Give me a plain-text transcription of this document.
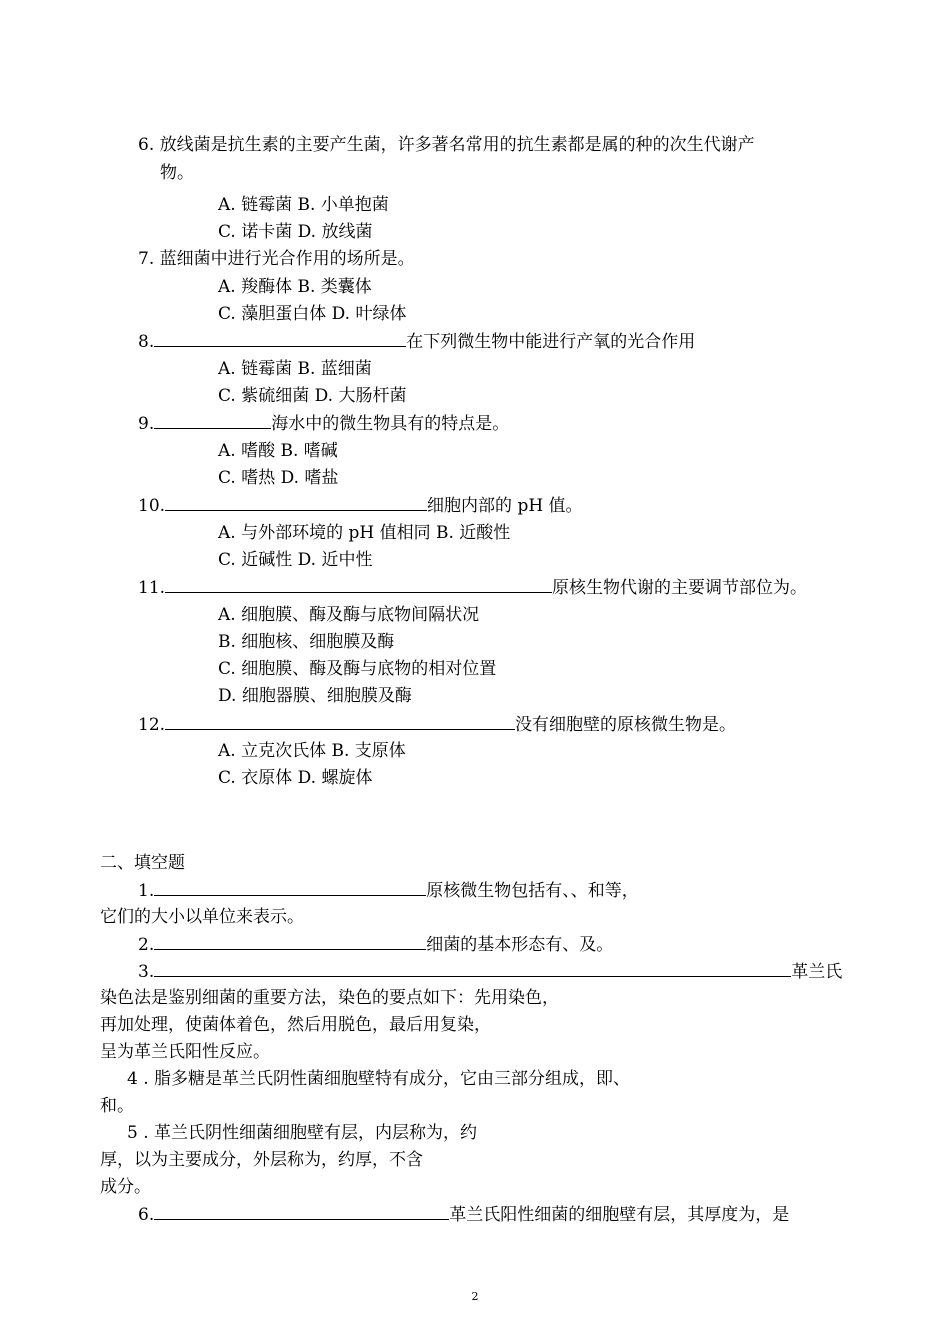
6. 放线菌是抗生素的主要产生菌，许多著名常用的抗生素都是属的种的次生代谢产
物。
A. 链霉菌 B. 小单抱菌
C. 诺卡菌 D. 放线菌
7. 蓝细菌中进行光合作用的场所是。
A. 羧酶体 B. 类囊体
C. 藻胆蛋白体 D. 叶绿体
8.	在下列微生物中能进行产氧的光合作用
A. 链霉菌 B. 蓝细菌
C. 紫硫细菌 D. 大肠杆菌
9.	海水中的微生物具有的特点是。
A. 嗜酸 B. 嗜碱
C. 嗜热 D. 嗜盐
10.	细胞内部的 pH 值。
A. 与外部环境的 pH 值相同 B. 近酸性
C. 近碱性 D. 近中性
11.	原核生物代谢的主要调节部位为。
A. 细胞膜、酶及酶与底物间隔状况
B. 细胞核、细胞膜及酶
C. 细胞膜、酶及酶与底物的相对位置
D. 细胞器膜、细胞膜及酶
12.	没有细胞壁的原核微生物是。
A. 立克次氏体 B. 支原体
C. 衣原体 D. 螺旋体
二、填空题
1.	原核微生物包括有、、和等，
它们的大小以单位来表示。
2.	细菌的基本形态有、及。
3.	革兰氏
染色法是鉴别细菌的重要方法，染色的要点如下：先用染色，
再加处理，使菌体着色，然后用脱色，最后用复染，
呈为革兰氏阳性反应。
4 . 脂多糖是革兰氏阴性菌细胞壁特有成分，它由三部分组成，即、
和。
5 . 革兰氏阴性细菌细胞壁有层，内层称为，约
厚，以为主要成分，外层称为，约厚，不含
成分。
6.	革兰氏阳性细菌的细胞壁有层，其厚度为，是
2
